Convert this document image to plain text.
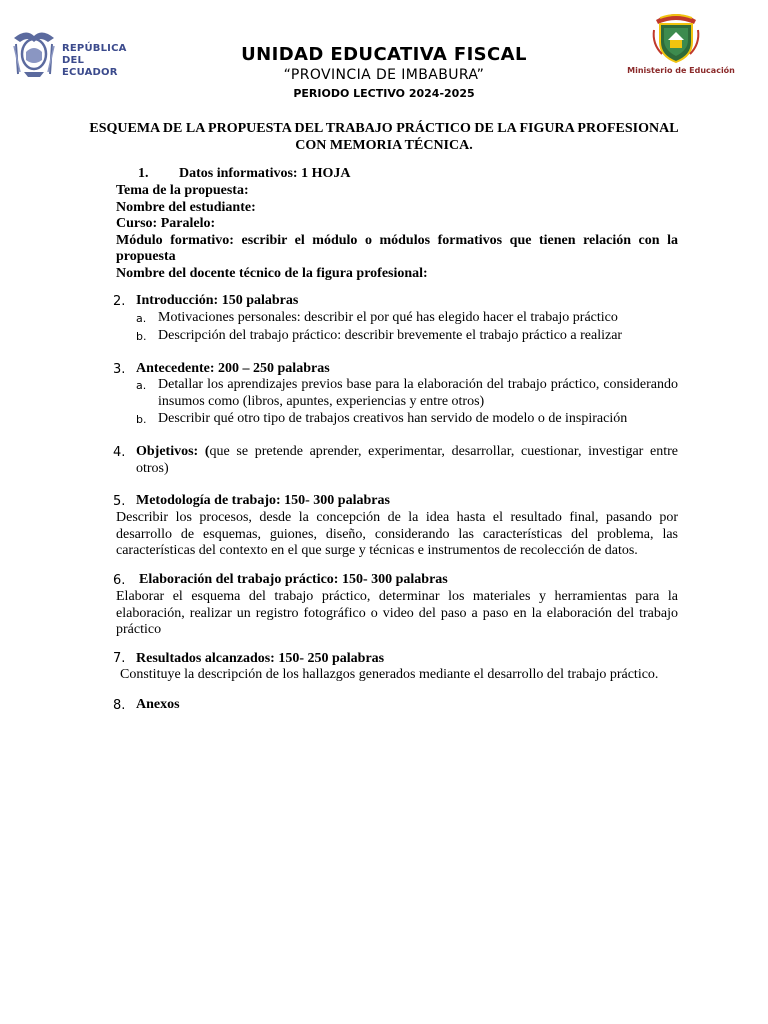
REPÚBLICA
DEL ECUADOR	Ministerio de Educación
UNIDAD EDUCATIVA FISCAL
“PROVINCIA DE IMBABURA”
PERIODO LECTIVO 2024-2025
ESQUEMA DE LA PROPUESTA DEL TRABAJO PRÁCTICO DE LA FIGURA PROFESIONAL CON MEMORIA TÉCNICA.
1. Datos informativos: 1 HOJA
Tema de la propuesta:
Nombre del estudiante:
Curso: Paralelo:
Módulo formativo: escribir el módulo o módulos formativos que tienen relación con la propuesta
Nombre del docente técnico de la figura profesional:
2. Introducción: 150 palabras
a. Motivaciones personales: describir el por qué has elegido hacer el trabajo práctico
b. Descripción del trabajo práctico: describir brevemente el trabajo práctico a realizar
3. Antecedente: 200 – 250 palabras
a. Detallar los aprendizajes previos base para la elaboración del trabajo práctico, considerando insumos como (libros, apuntes, experiencias y entre otros)
b. Describir qué otro tipo de trabajos creativos han servido de modelo o de inspiración
4. Objetivos: (que se pretende aprender, experimentar, desarrollar, cuestionar, investigar entre otros)
5. Metodología de trabajo: 150- 300 palabras
Describir los procesos, desde la concepción de la idea hasta el resultado final, pasando por desarrollo de esquemas, guiones, diseño, considerando las características del problema, las características del contexto en el que surge y técnicas e instrumentos de recolección de datos.
6. Elaboración del trabajo práctico: 150- 300 palabras
Elaborar el esquema del trabajo práctico, determinar los materiales y herramientas para la elaboración, realizar un registro fotográfico o video del paso a paso en la elaboración del trabajo práctico
7. Resultados alcanzados: 150- 250 palabras
Constituye la descripción de los hallazgos generados mediante el desarrollo del trabajo práctico.
8. Anexos
